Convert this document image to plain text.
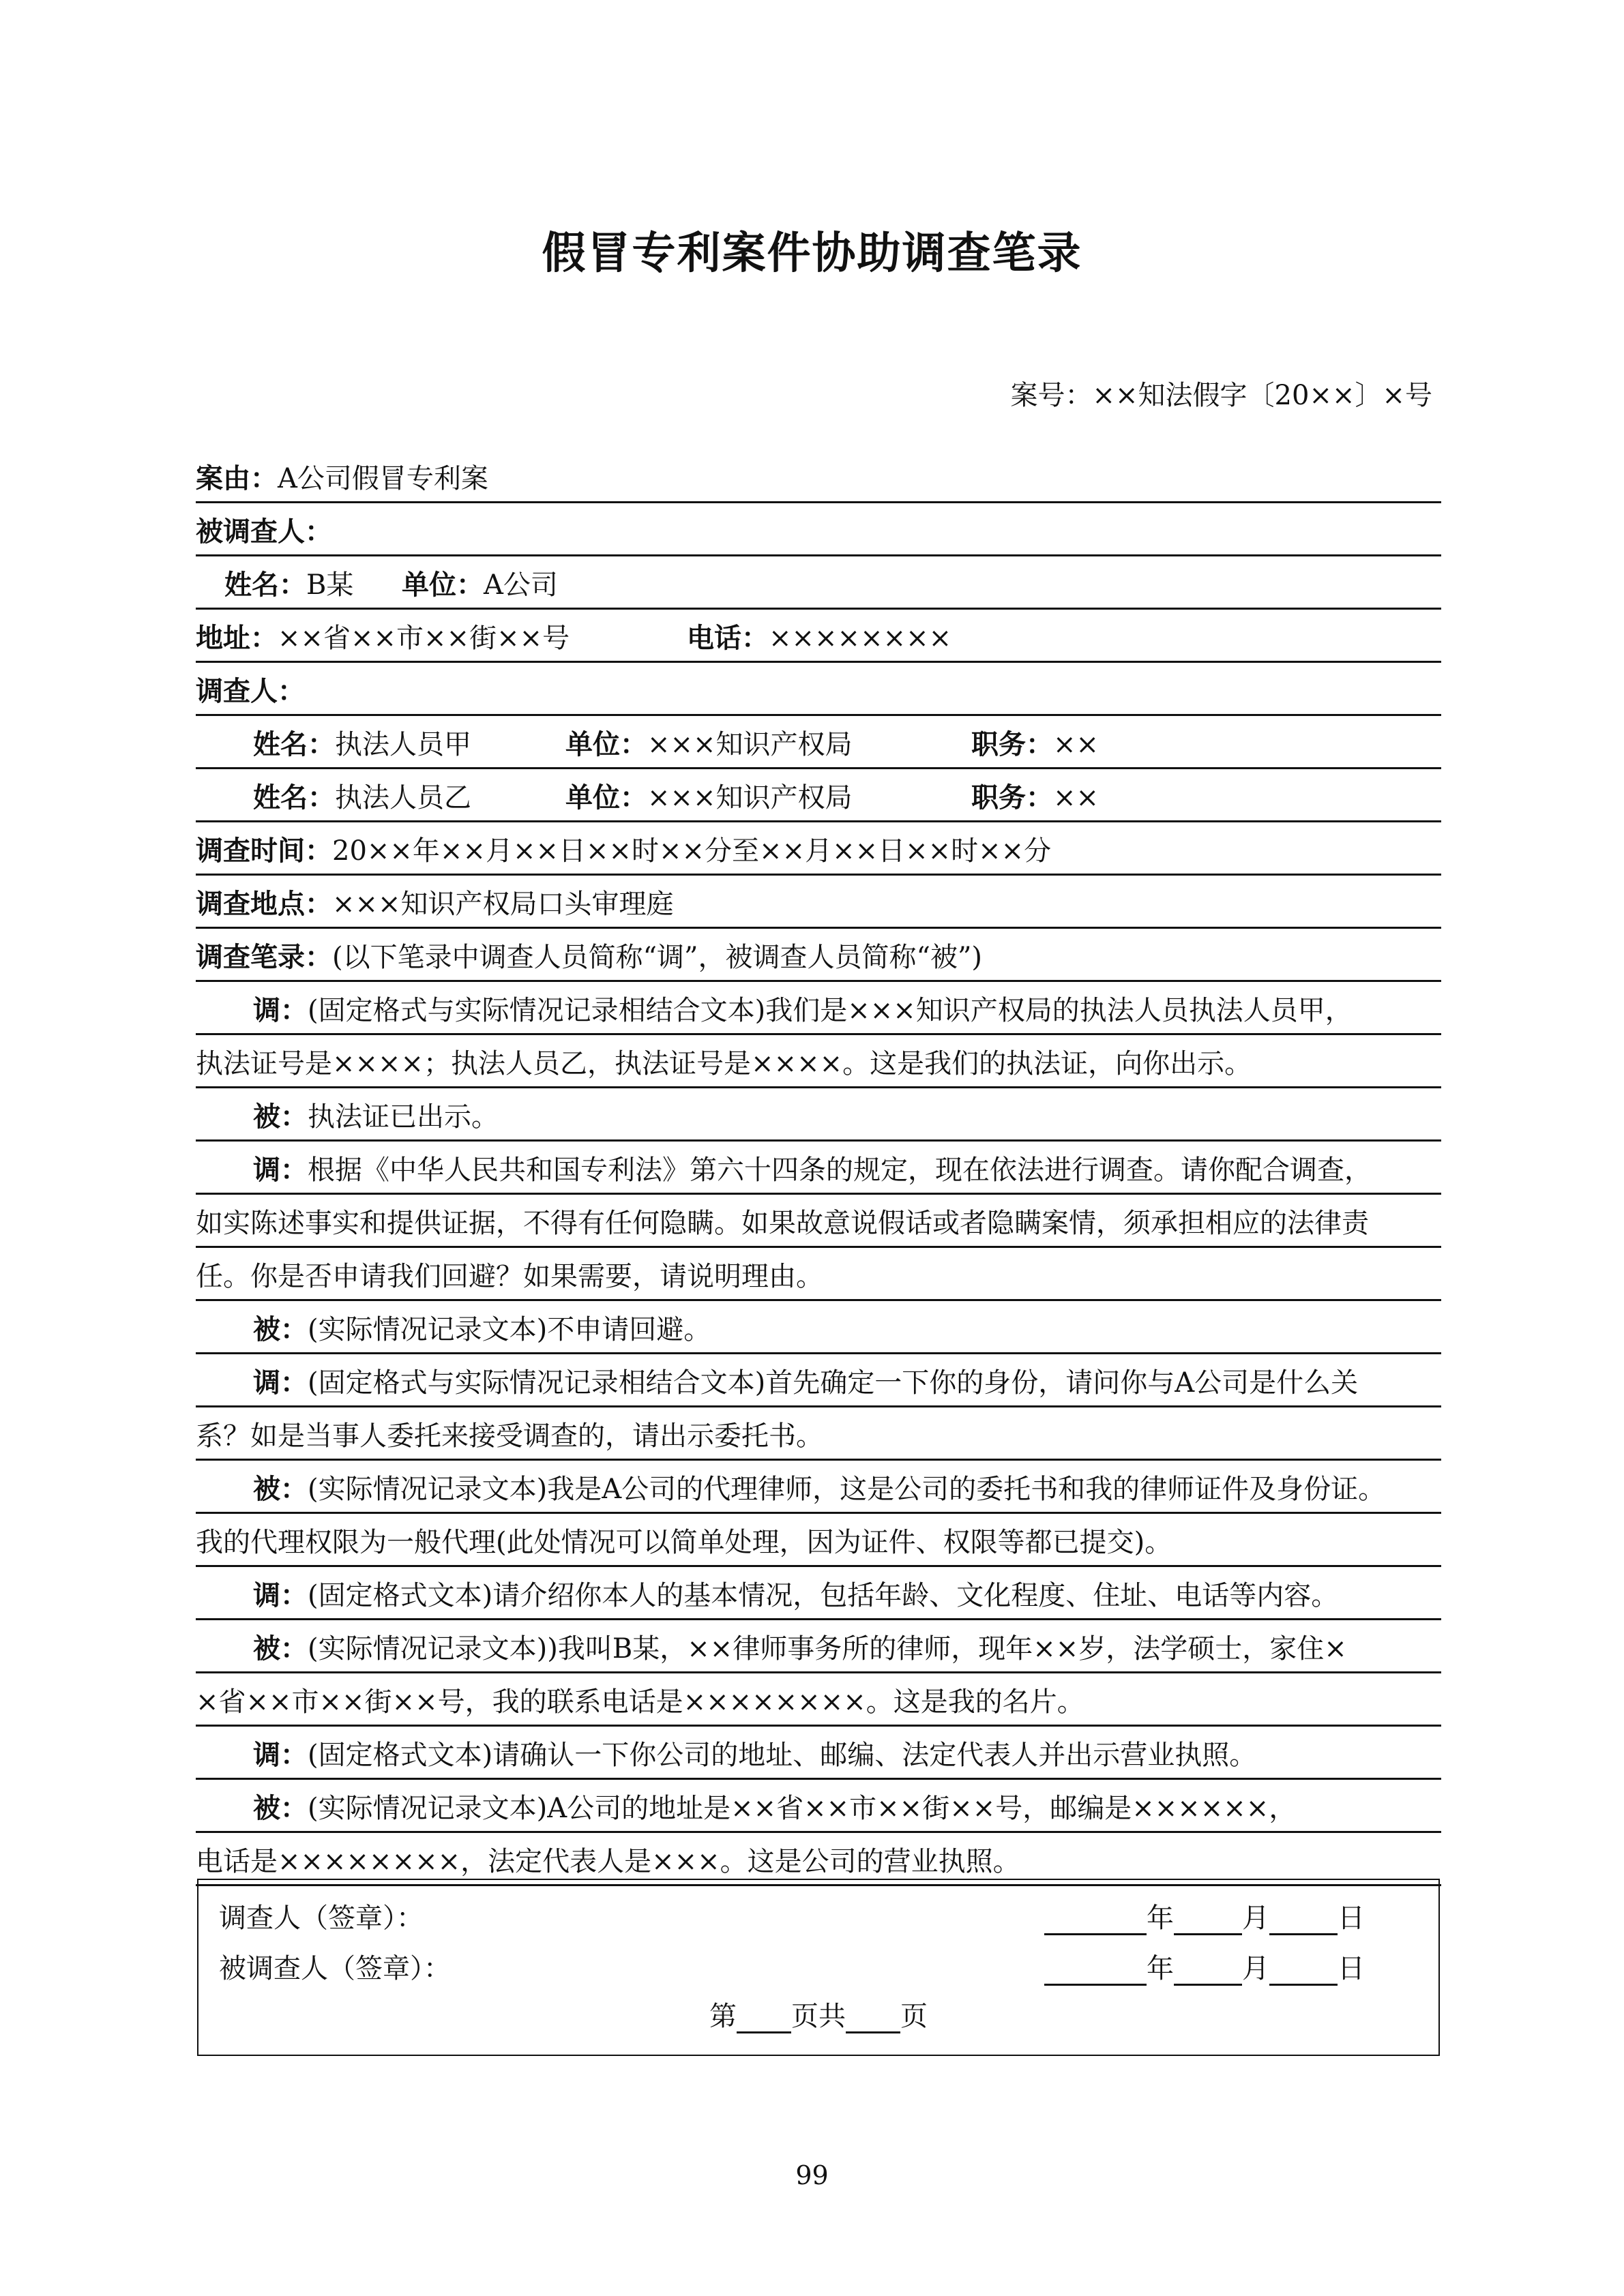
假冒专利案件协助调查笔录
案号：××知法假字〔20××〕×号
案由：A公司假冒专利案
被调查人：
姓名：B某 单位：A公司
地址：××省××市××街××号	电话：××××××××
调查人：
姓名：执法人员甲	单位：×××知识产权局	职务：××
姓名：执法人员乙	单位：×××知识产权局	职务：××
调查时间：20××年××月××日××时××分至××月××日××时××分
调查地点：×××知识产权局口头审理庭
调查笔录：(以下笔录中调查人员简称“调”，被调查人员简称“被”)
调：(固定格式与实际情况记录相结合文本)我们是×××知识产权局的执法人员执法人员甲，
执法证号是××××；执法人员乙，执法证号是××××。这是我们的执法证，向你出示。
被：执法证已出示。
调：根据《中华人民共和国专利法》第六十四条的规定，现在依法进行调查。请你配合调查，
如实陈述事实和提供证据，不得有任何隐瞒。如果故意说假话或者隐瞒案情，须承担相应的法律责
任。你是否申请我们回避？如果需要，请说明理由。
被：(实际情况记录文本)不申请回避。
调：(固定格式与实际情况记录相结合文本)首先确定一下你的身份，请问你与A公司是什么关
系？如是当事人委托来接受调查的，请出示委托书。
被：(实际情况记录文本)我是A公司的代理律师，这是公司的委托书和我的律师证件及身份证。
我的代理权限为一般代理(此处情况可以简单处理，因为证件、权限等都已提交)。
调：(固定格式文本)请介绍你本人的基本情况，包括年龄、文化程度、住址、电话等内容。
被：(实际情况记录文本))我叫B某，××律师事务所的律师，现年××岁，法学硕士，家住×
×省××市××街××号，我的联系电话是××××××××。这是我的名片。
调：(固定格式文本)请确认一下你公司的地址、邮编、法定代表人并出示营业执照。
被：(实际情况记录文本)A公司的地址是××省××市××街××号，邮编是××××××，
电话是××××××××，法定代表人是×××。这是公司的营业执照。
调查人（签章）：	年	月	日
被调查人（签章）：	年	月	日
第 页共 页
99
